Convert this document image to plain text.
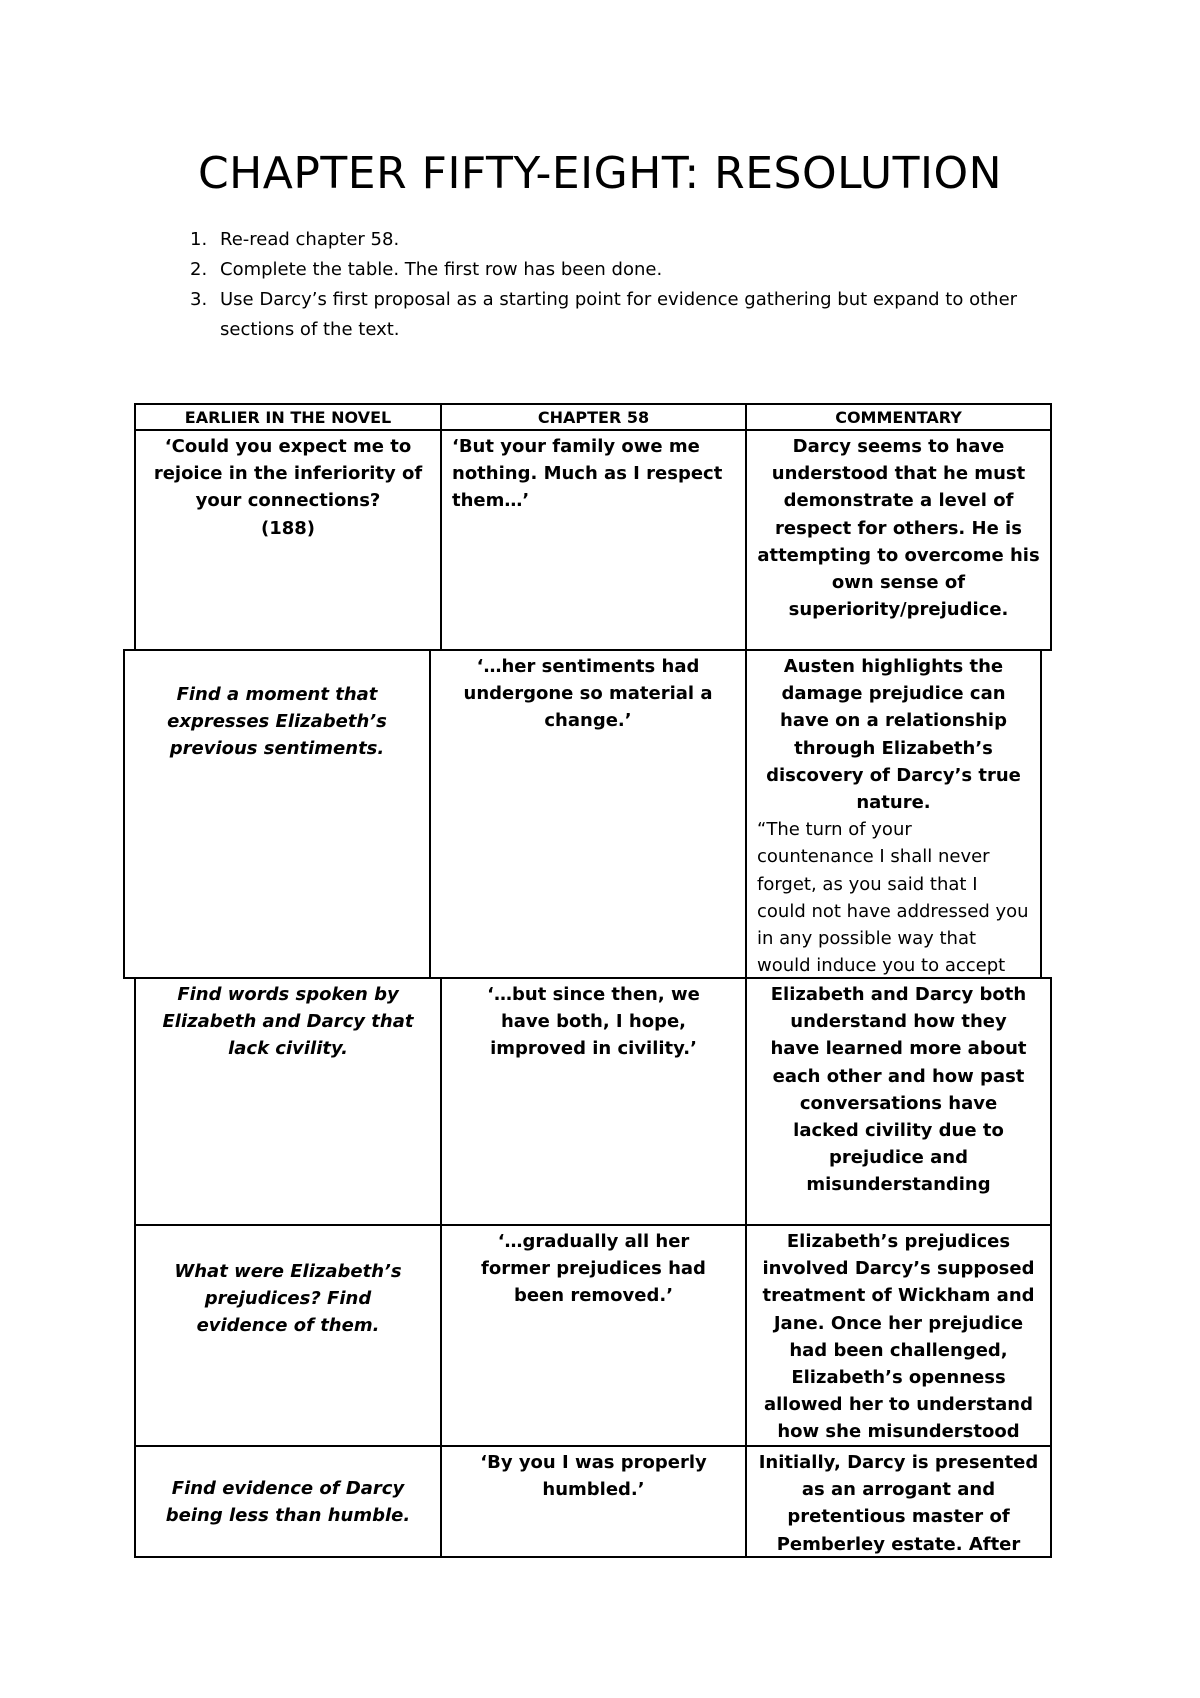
CHAPTER FIFTY-EIGHT: RESOLUTION
1. Re-read chapter 58.
2. Complete the table. The first row has been done.
3. Use Darcy’s first proposal as a starting point for evidence gathering but expand to other sections of the text.
EARLIER IN THE NOVEL	CHAPTER 58	COMMENTARY

‘Could you expect me to rejoice in the inferiority of your connections?

(188)

‘But your family owe me nothing. Much as I respect them…’

Darcy seems to have understood that he must demonstrate a level of respect for others. He is attempting to overcome his own sense of superiority/prejudice.

Find a moment that expresses Elizabeth’s previous sentiments.

‘…her sentiments had undergone so material a change.’

Austen highlights the damage prejudice can have on a relationship through Elizabeth’s discovery of Darcy’s true nature.

“The turn of your countenance I shall never forget, as you said that I could not have addressed you in any possible way that would induce you to accept

Find words spoken by Elizabeth and Darcy that lack civility.

‘…but since then, we have both, I hope, improved in civility.’

Elizabeth and Darcy both understand how they have learned more about each other and how past conversations have lacked civility due to prejudice and misunderstanding

What were Elizabeth’s prejudices? Find evidence of them.

‘…gradually all her former prejudices had been removed.’

Elizabeth’s prejudices involved Darcy’s supposed treatment of Wickham and Jane. Once her prejudice had been challenged, Elizabeth’s openness allowed her to understand how she misunderstood

Find evidence of Darcy being less than humble.

‘By you I was properly humbled.’

Initially, Darcy is presented as an arrogant and pretentious master of Pemberley estate. After
